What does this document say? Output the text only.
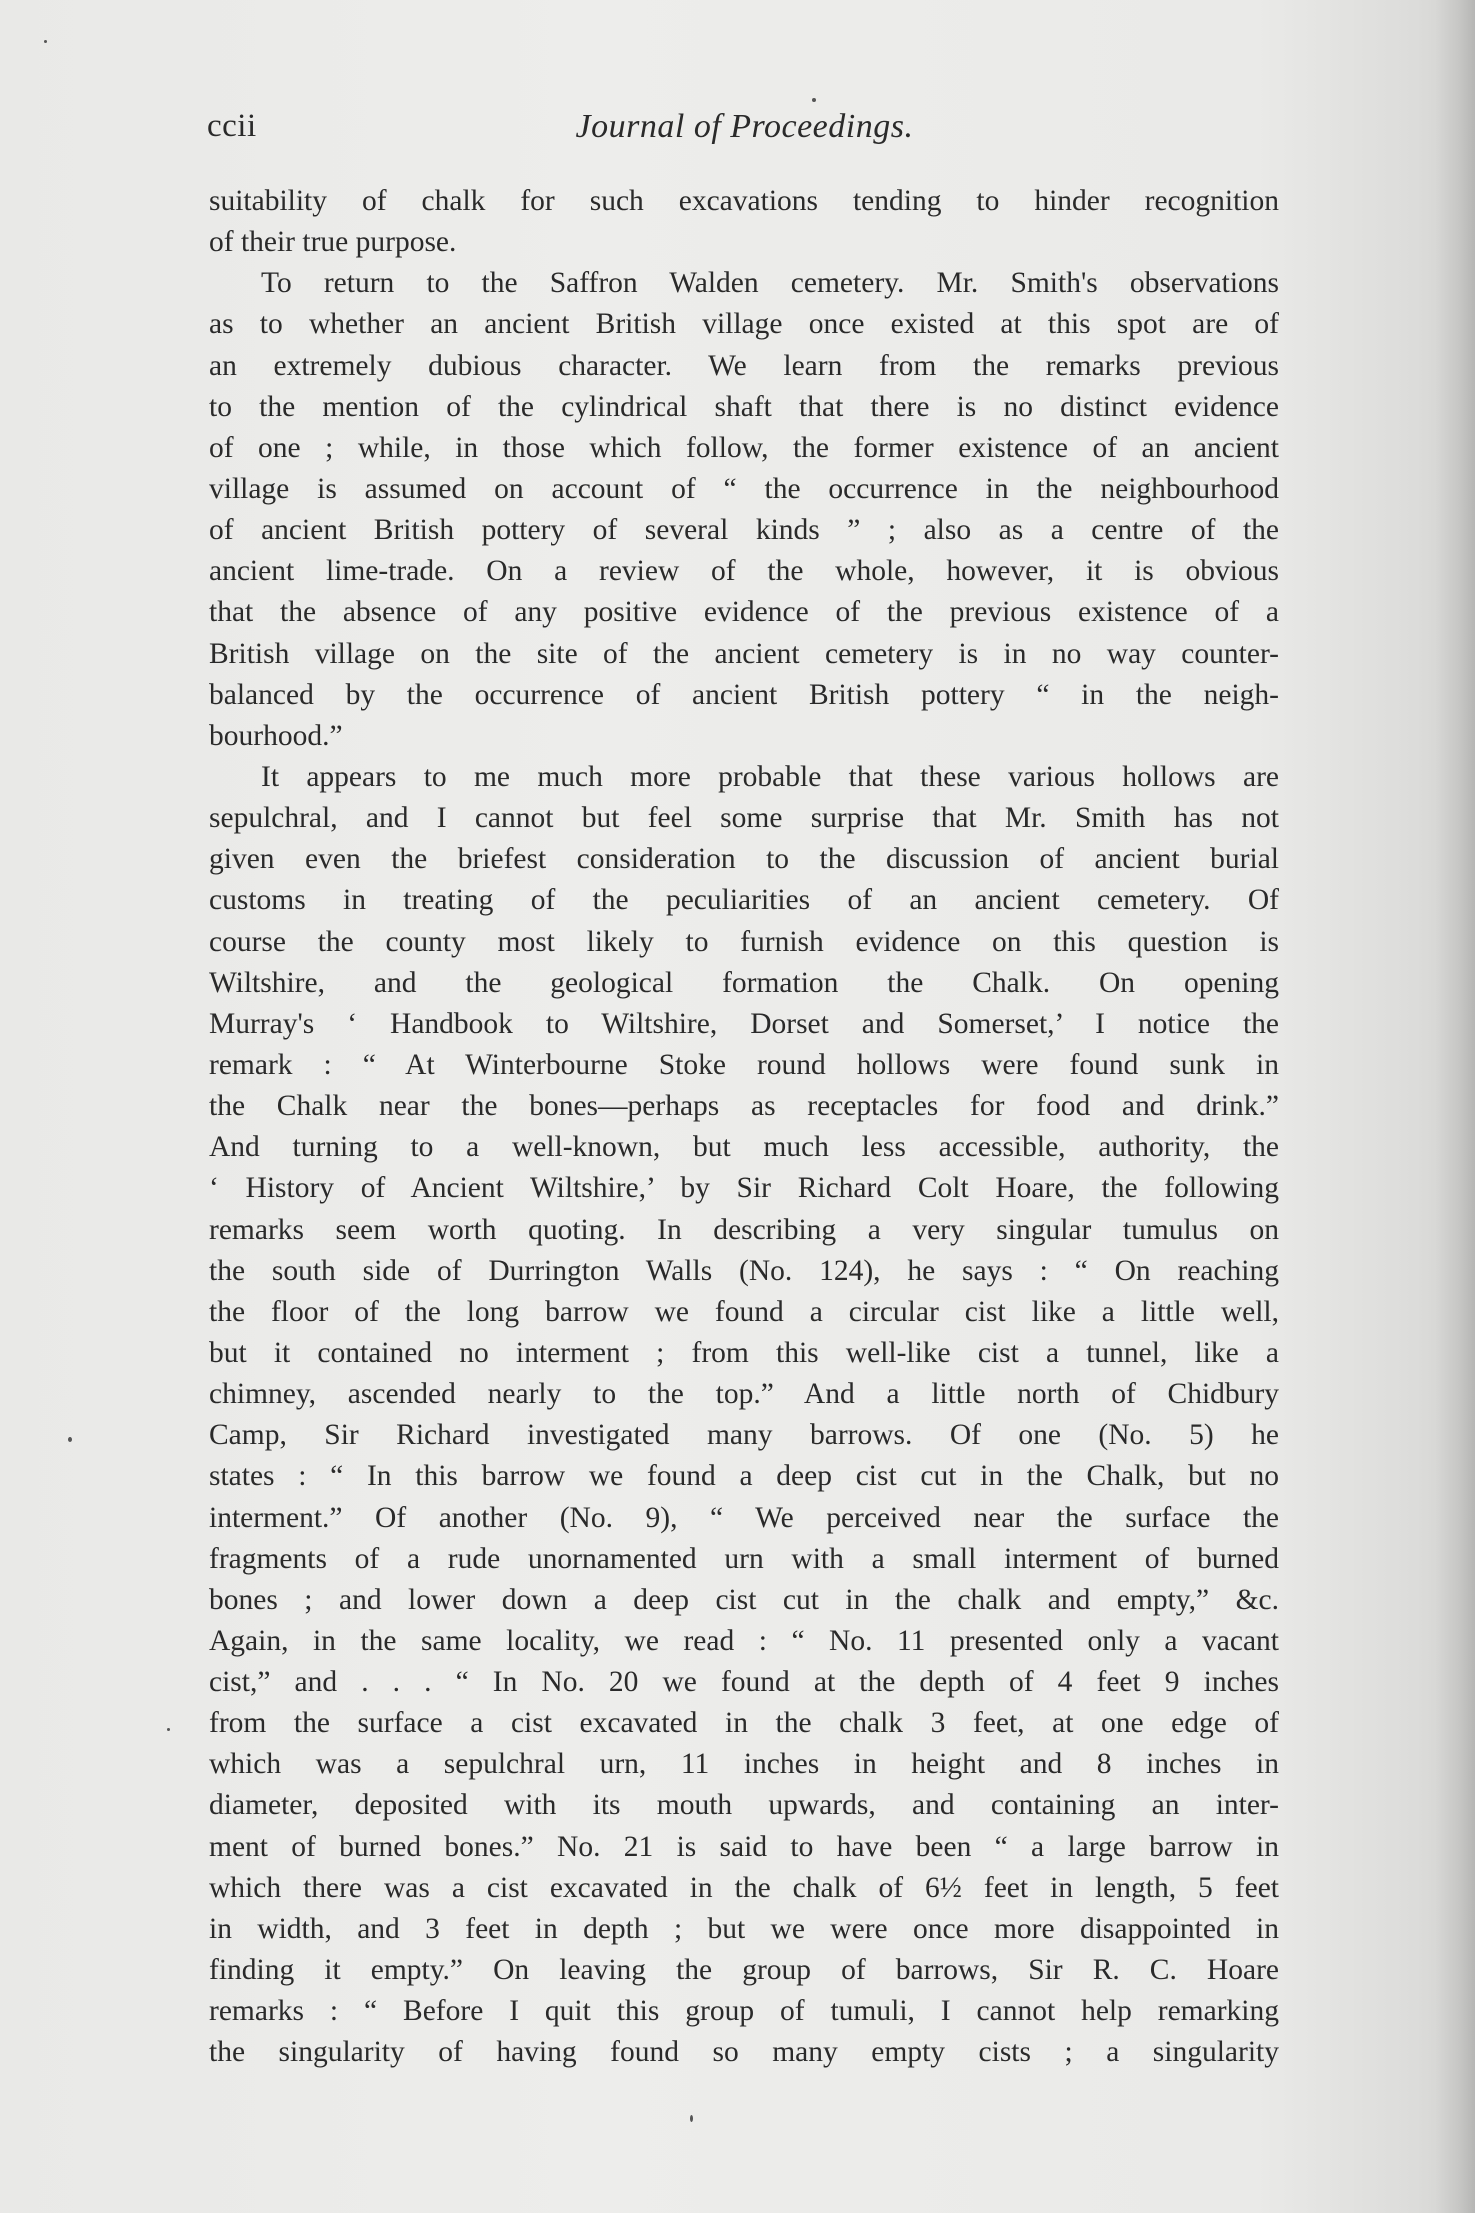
ccii	Journal of Proceedings.
suitability of chalk for such excavations tending to hinder recognition
of their true purpose.
To return to the Saffron Walden cemetery. Mr. Smith's observations
as to whether an ancient British village once existed at this spot are of
an extremely dubious character. We learn from the remarks previous
to the mention of the cylindrical shaft that there is no distinct evidence
of one ; while, in those which follow, the former existence of an ancient
village is assumed on account of “ the occurrence in the neighbourhood
of ancient British pottery of several kinds ” ; also as a centre of the
ancient lime-trade. On a review of the whole, however, it is obvious
that the absence of any positive evidence of the previous existence of a
British village on the site of the ancient cemetery is in no way counter-
balanced by the occurrence of ancient British pottery “ in the neigh-
bourhood.”
It appears to me much more probable that these various hollows are
sepulchral, and I cannot but feel some surprise that Mr. Smith has not
given even the briefest consideration to the discussion of ancient burial
customs in treating of the peculiarities of an ancient cemetery. Of
course the county most likely to furnish evidence on this question is
Wiltshire, and the geological formation the Chalk. On opening
Murray's ‘ Handbook to Wiltshire, Dorset and Somerset,’ I notice the
remark : “ At Winterbourne Stoke round hollows were found sunk in
the Chalk near the bones—perhaps as receptacles for food and drink.”
And turning to a well-known, but much less accessible, authority, the
‘ History of Ancient Wiltshire,’ by Sir Richard Colt Hoare, the following
remarks seem worth quoting. In describing a very singular tumulus on
the south side of Durrington Walls (No. 124), he says : “ On reaching
the floor of the long barrow we found a circular cist like a little well,
but it contained no interment ; from this well-like cist a tunnel, like a
chimney, ascended nearly to the top.” And a little north of Chidbury
Camp, Sir Richard investigated many barrows. Of one (No. 5) he
states : “ In this barrow we found a deep cist cut in the Chalk, but no
interment.” Of another (No. 9), “ We perceived near the surface the
fragments of a rude unornamented urn with a small interment of burned
bones ; and lower down a deep cist cut in the chalk and empty,” &c.
Again, in the same locality, we read : “ No. 11 presented only a vacant
cist,” and . . . “ In No. 20 we found at the depth of 4 feet 9 inches
from the surface a cist excavated in the chalk 3 feet, at one edge of
which was a sepulchral urn, 11 inches in height and 8 inches in
diameter, deposited with its mouth upwards, and containing an inter-
ment of burned bones.” No. 21 is said to have been “ a large barrow in
which there was a cist excavated in the chalk of 6½ feet in length, 5 feet
in width, and 3 feet in depth ; but we were once more disappointed in
finding it empty.” On leaving the group of barrows, Sir R. C. Hoare
remarks : “ Before I quit this group of tumuli, I cannot help remarking
the singularity of having found so many empty cists ; a singularity
